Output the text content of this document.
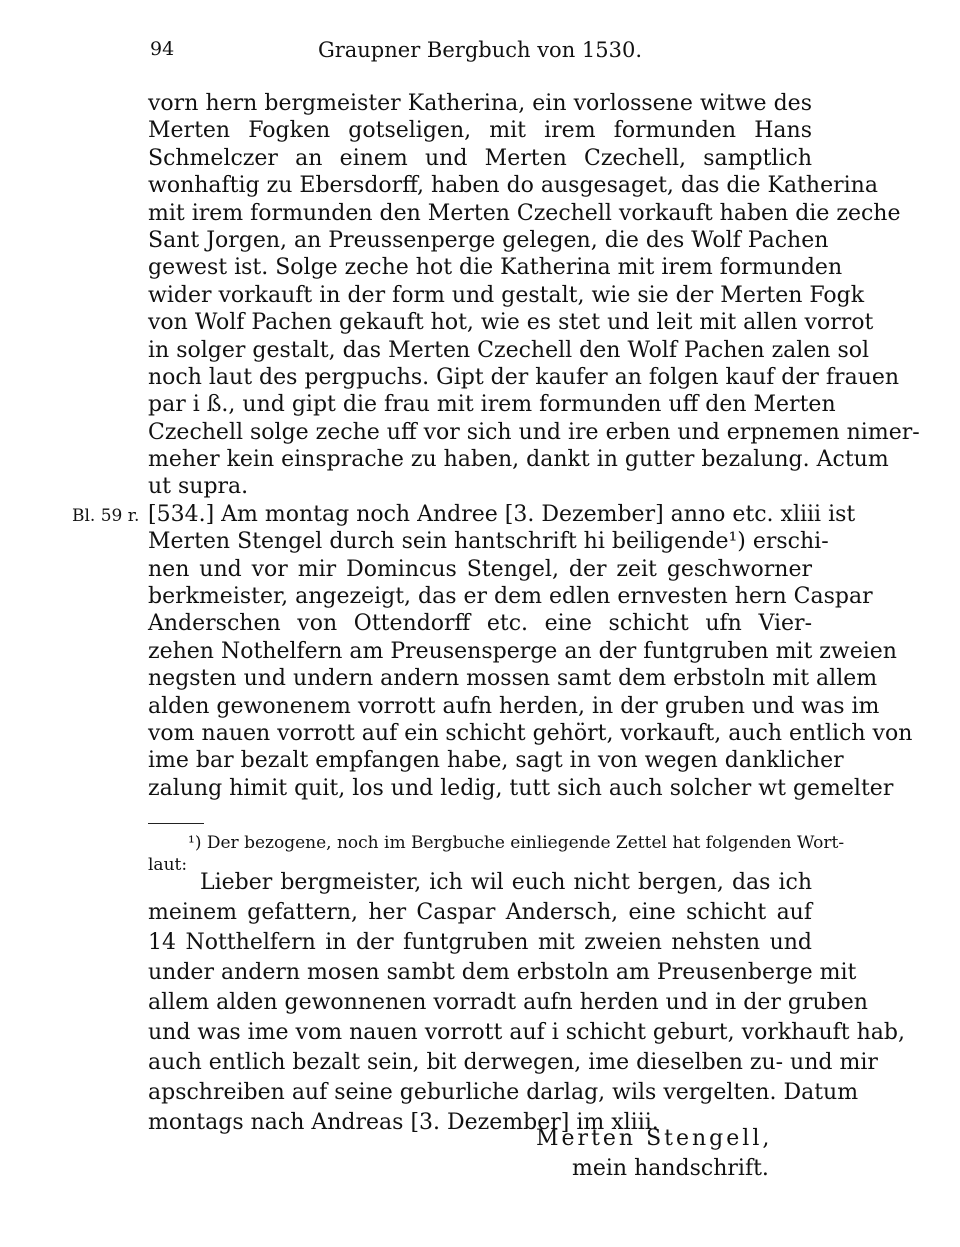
94	Graupner Bergbuch von 1530.
vorn hern bergmeister Katherina, ein vorlossene witwe des
Merten Fogken gotseligen, mit irem formunden Hans
Schmelczer an einem und Merten Czechell, samptlich
wonhaftig zu Ebersdorff, haben do ausgesaget, das die Katherina
mit irem formunden den Merten Czechell vorkauft haben die zeche
Sant Jorgen, an Preussenperge gelegen, die des Wolf Pachen
gewest ist. Solge zeche hot die Katherina mit irem formunden
wider vorkauft in der form und gestalt, wie sie der Merten Fogk
von Wolf Pachen gekauft hot, wie es stet und leit mit allen vorrot
in solger gestalt, das Merten Czechell den Wolf Pachen zalen sol
noch laut des pergpuchs. Gipt der kaufer an folgen kauf der frauen
par i ß., und gipt die frau mit irem formunden uff den Merten
Czechell solge zeche uff vor sich und ire erben und erpnemen nimer-
meher kein einsprache zu haben, dankt in gutter bezalung. Actum
ut supra.
Bl. 59 r. [534.] Am montag noch Andree [3. Dezember] anno etc. xliii ist
Merten Stengel durch sein hantschrift hi beiligende¹) erschi-
nen und vor mir Domincus Stengel, der zeit geschworner
berkmeister, angezeigt, das er dem edlen ernvesten hern Caspar
Anderschen von Ottendorff etc. eine schicht ufn Vier-
zehen Nothelfern am Preusensperge an der funtgruben mit zweien
negsten und undern andern mossen samt dem erbstoln mit allem
alden gewonenem vorrott aufn herden, in der gruben und was im
vom nauen vorrott auf ein schicht gehört, vorkauft, auch entlich von
ime bar bezalt empfangen habe, sagt in von wegen danklicher
zalung himit quit, los und ledig, tutt sich auch solcher wt gemelter
¹) Der bezogene, noch im Bergbuche einliegende Zettel hat folgenden Wort-
laut:
Lieber bergmeister, ich wil euch nicht bergen, das ich
meinem gefattern, her Caspar Andersch, eine schicht auf
14 Notthelfern in der funtgruben mit zweien nehsten und
under andern mosen sambt dem erbstoln am Preusenberge mit
allem alden gewonnenen vorradt aufn herden und in der gruben
und was ime vom nauen vorrott auf i schicht geburt, vorkhauft hab,
auch entlich bezalt sein, bit derwegen, ime dieselben zu- und mir
apschreiben auf seine geburliche darlag, wils vergelten. Datum
montags nach Andreas [3. Dezember] im xliii.
Merten Stengell,
mein handschrift.
